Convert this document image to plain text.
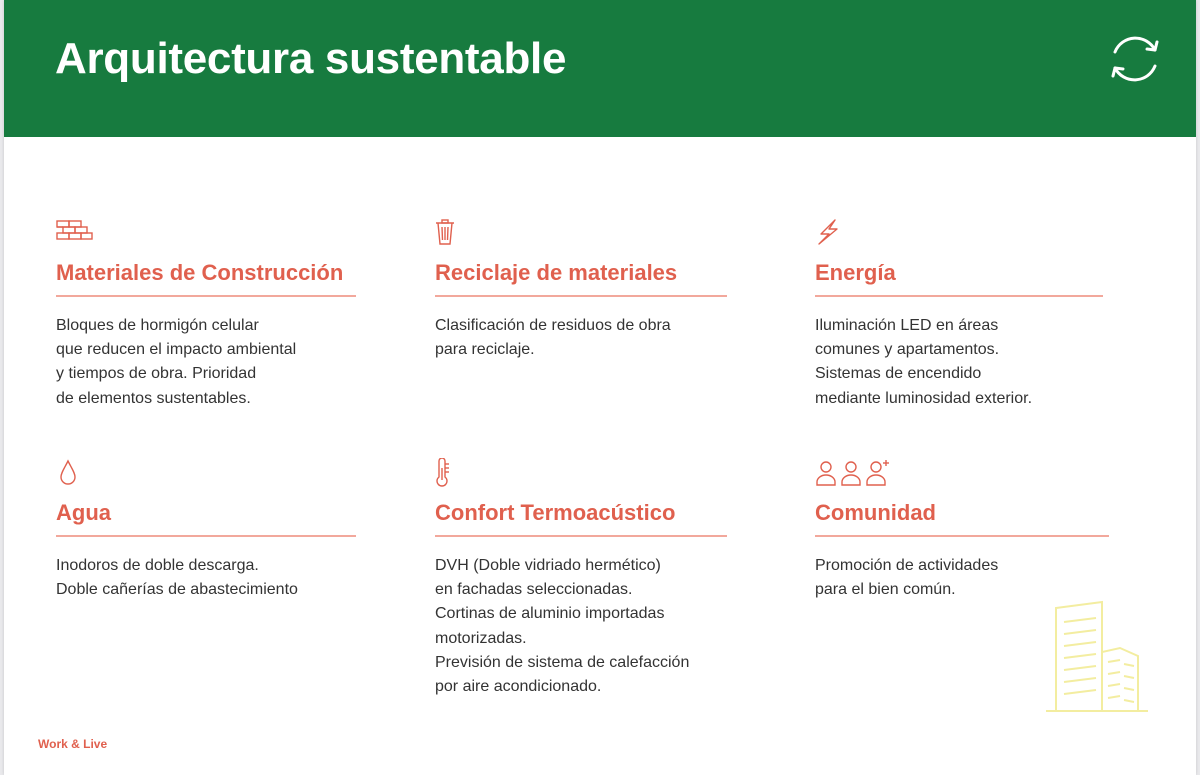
Arquitectura sustentable
Materiales de Construcción
Bloques de hormigón celular
que reducen el impacto ambiental
y tiempos de obra. Prioridad
de elementos sustentables.
Reciclaje de materiales
Clasificación de residuos de obra
para reciclaje.
Energía
Iluminación LED en áreas
comunes y apartamentos.
Sistemas de encendido
mediante luminosidad exterior.
Agua
Inodoros de doble descarga.
Doble cañerías de abastecimiento
Confort Termoacústico
DVH (Doble vidriado hermético)
en fachadas seleccionadas.
Cortinas de aluminio importadas
motorizadas.
Previsión de sistema de calefacción
por aire acondicionado.
Comunidad
Promoción de actividades
para el bien común.
Work & Live
